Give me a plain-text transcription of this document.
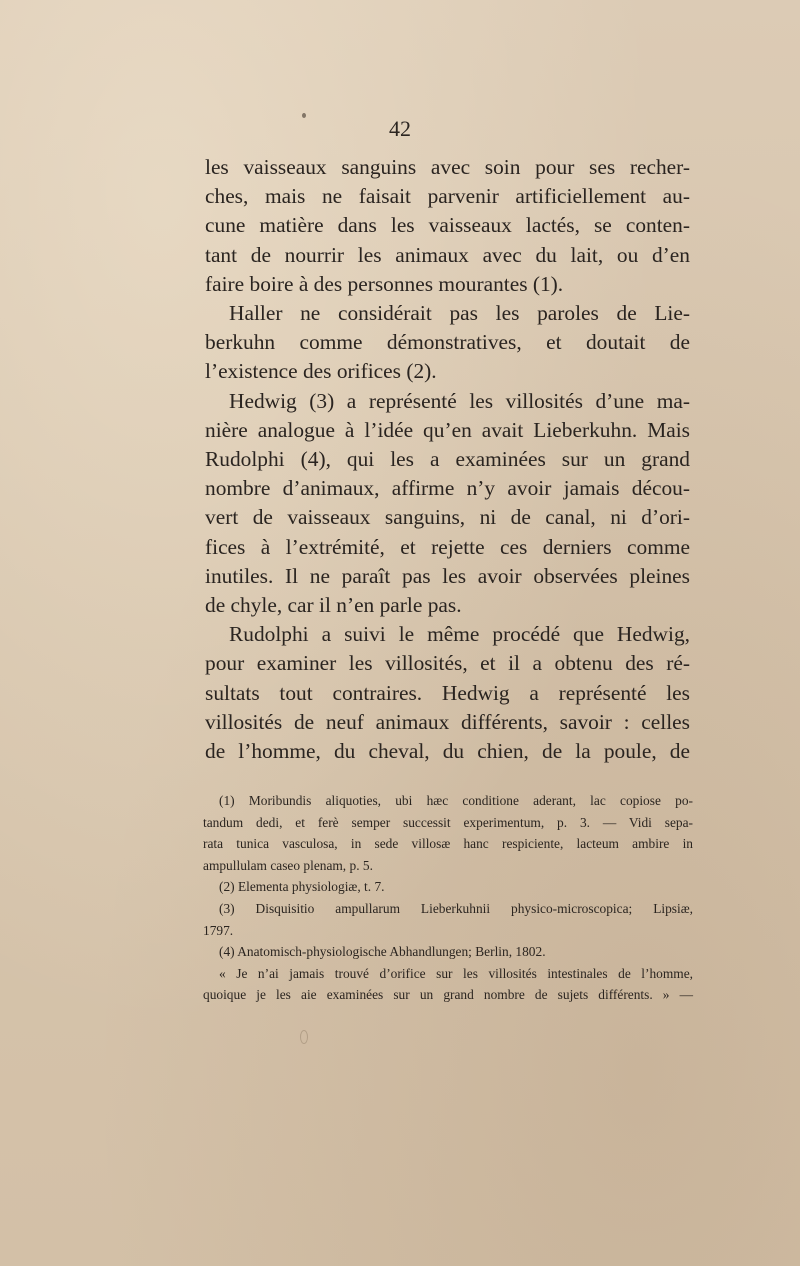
42
les vaisseaux sanguins avec soin pour ses recher-
ches, mais ne faisait parvenir artificiellement au-
cune matière dans les vaisseaux lactés, se conten-
tant de nourrir les animaux avec du lait, ou d’en
faire boire à des personnes mourantes (1).
Haller ne considérait pas les paroles de Lie-
berkuhn comme démonstratives, et doutait de
l’existence des orifices (2).
Hedwig (3) a représenté les villosités d’une ma-
nière analogue à l’idée qu’en avait Lieberkuhn. Mais
Rudolphi (4), qui les a examinées sur un grand
nombre d’animaux, affirme n’y avoir jamais décou-
vert de vaisseaux sanguins, ni de canal, ni d’ori-
fices à l’extrémité, et rejette ces derniers comme
inutiles. Il ne paraît pas les avoir observées pleines
de chyle, car il n’en parle pas.
Rudolphi a suivi le même procédé que Hedwig,
pour examiner les villosités, et il a obtenu des ré-
sultats tout contraires. Hedwig a représenté les
villosités de neuf animaux différents, savoir : celles
de l’homme, du cheval, du chien, de la poule, de
(1) Moribundis aliquoties, ubi hæc conditione aderant, lac copiose po-
tandum dedi, et ferè semper successit experimentum, p. 3. — Vidi sepa-
rata tunica vasculosa, in sede villosæ hanc respiciente, lacteum ambire in
ampullulam caseo plenam, p. 5.
(2) Elementa physiologiæ, t. 7.
(3) Disquisitio ampullarum Lieberkuhnii physico-microscopica; Lipsiæ,
1797.
(4) Anatomisch-physiologische Abhandlungen; Berlin, 1802.
« Je n’ai jamais trouvé d’orifice sur les villosités intestinales de l’homme,
quoique je les aie examinées sur un grand nombre de sujets différents. » —
